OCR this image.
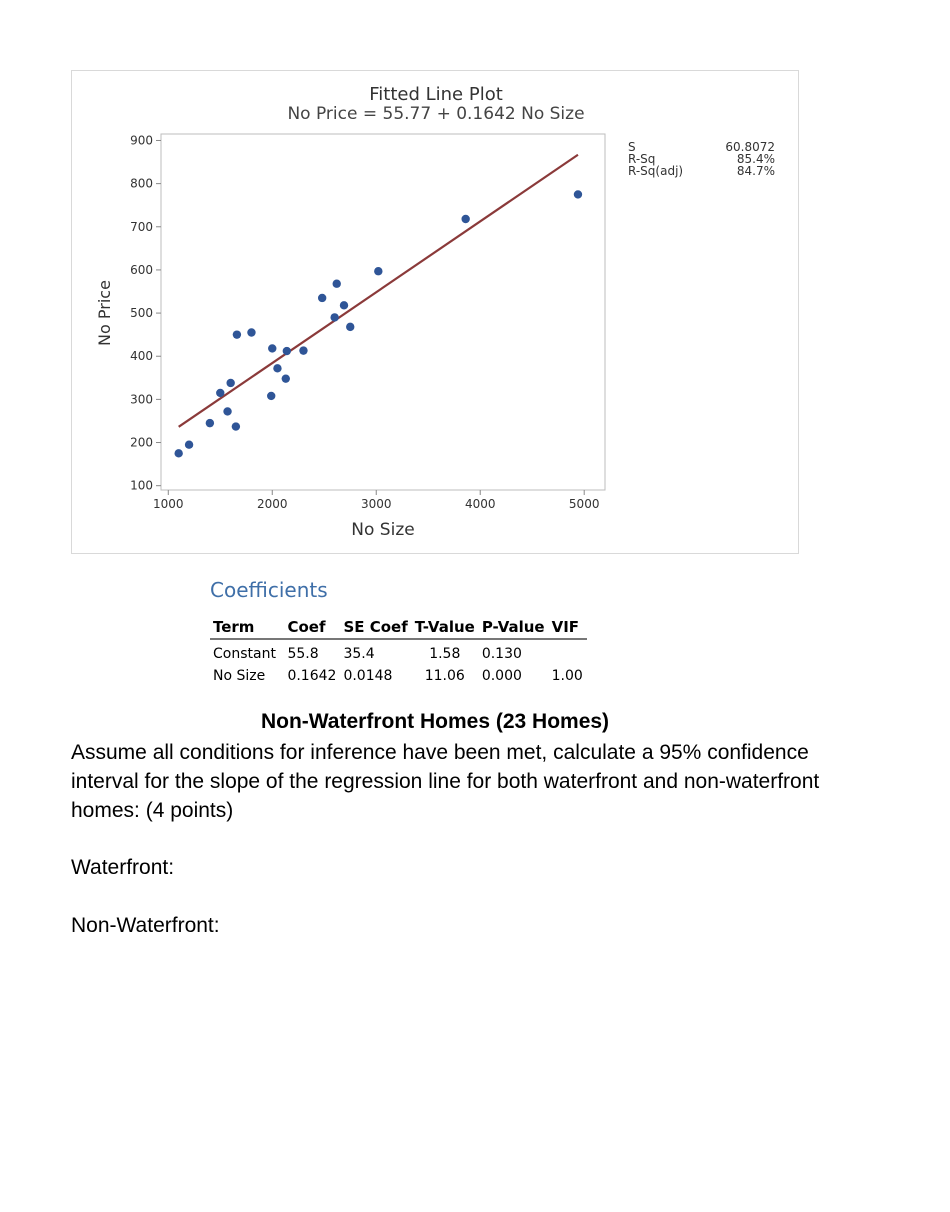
Fitted Line Plot
No Price = 55.77 + 0.1642 No Size
100
200
300
400
500
600
700
800
900
1000	2000	3000	4000	5000
No Price
No Size
S	60.8072
R-Sq	85.4%
R-Sq(adj)	84.7%
Coefficients
Term	Coef	SE Coef	T-Value	P-Value	VIF
Constant	55.8	35.4	1.58	0.130	
No Size	0.1642	0.0148	11.06	0.000	1.00
Non-Waterfront Homes (23 Homes)
Assume all conditions for inference have been met, calculate a 95% confidence interval for the slope of the regression line for both waterfront and non-waterfront homes: (4 points)
Waterfront:
Non-Waterfront:
